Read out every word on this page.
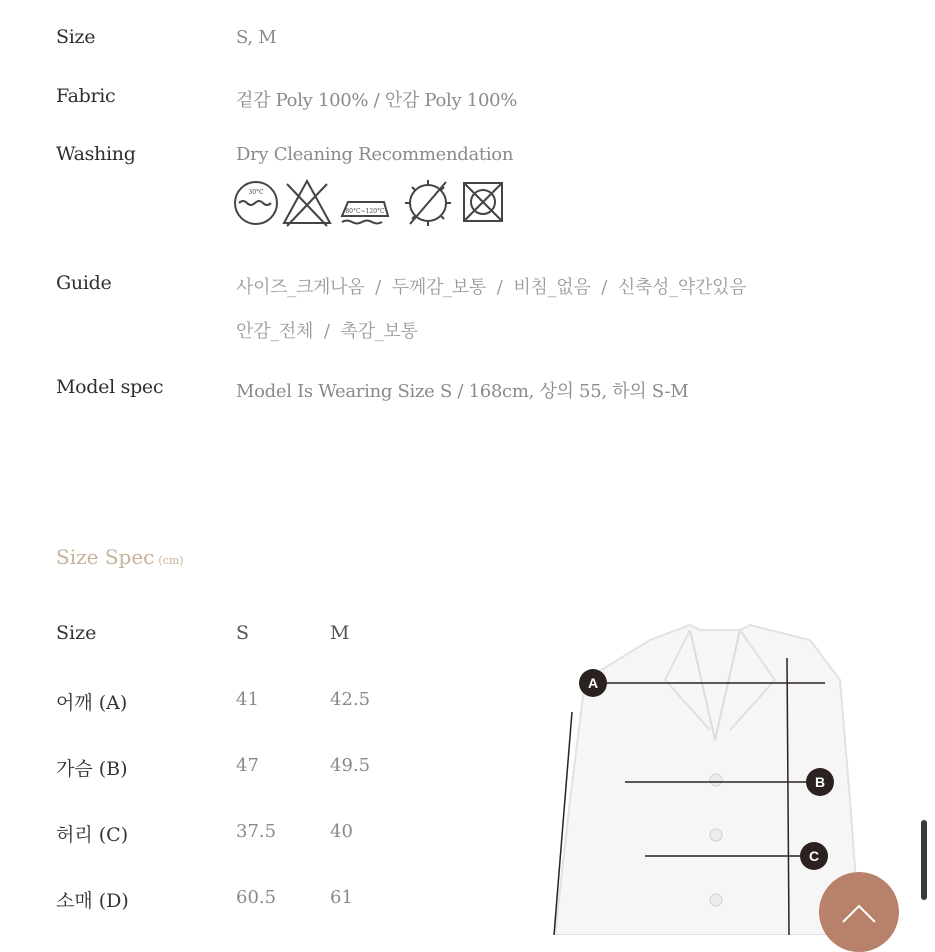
Size	S, M
Fabric	겉감 Poly 100% / 안감 Poly 100%
Washing	Dry Cleaning Recommendation
30°C
80°C~120°C
Guide	사이즈_크게나옴  /  두께감_보통  /  비침_없음  /  신축성_약간있음
안감_전체  /  촉감_보통
Model spec	Model Is Wearing Size S / 168cm, 상의 55, 하의 S-M
Size Spec (cm)
Size	S	M
어깨 (A)	41	42.5
가슴 (B)	47	49.5
허리 (C)	37.5	40
소매 (D)	60.5	61
A
B
C
